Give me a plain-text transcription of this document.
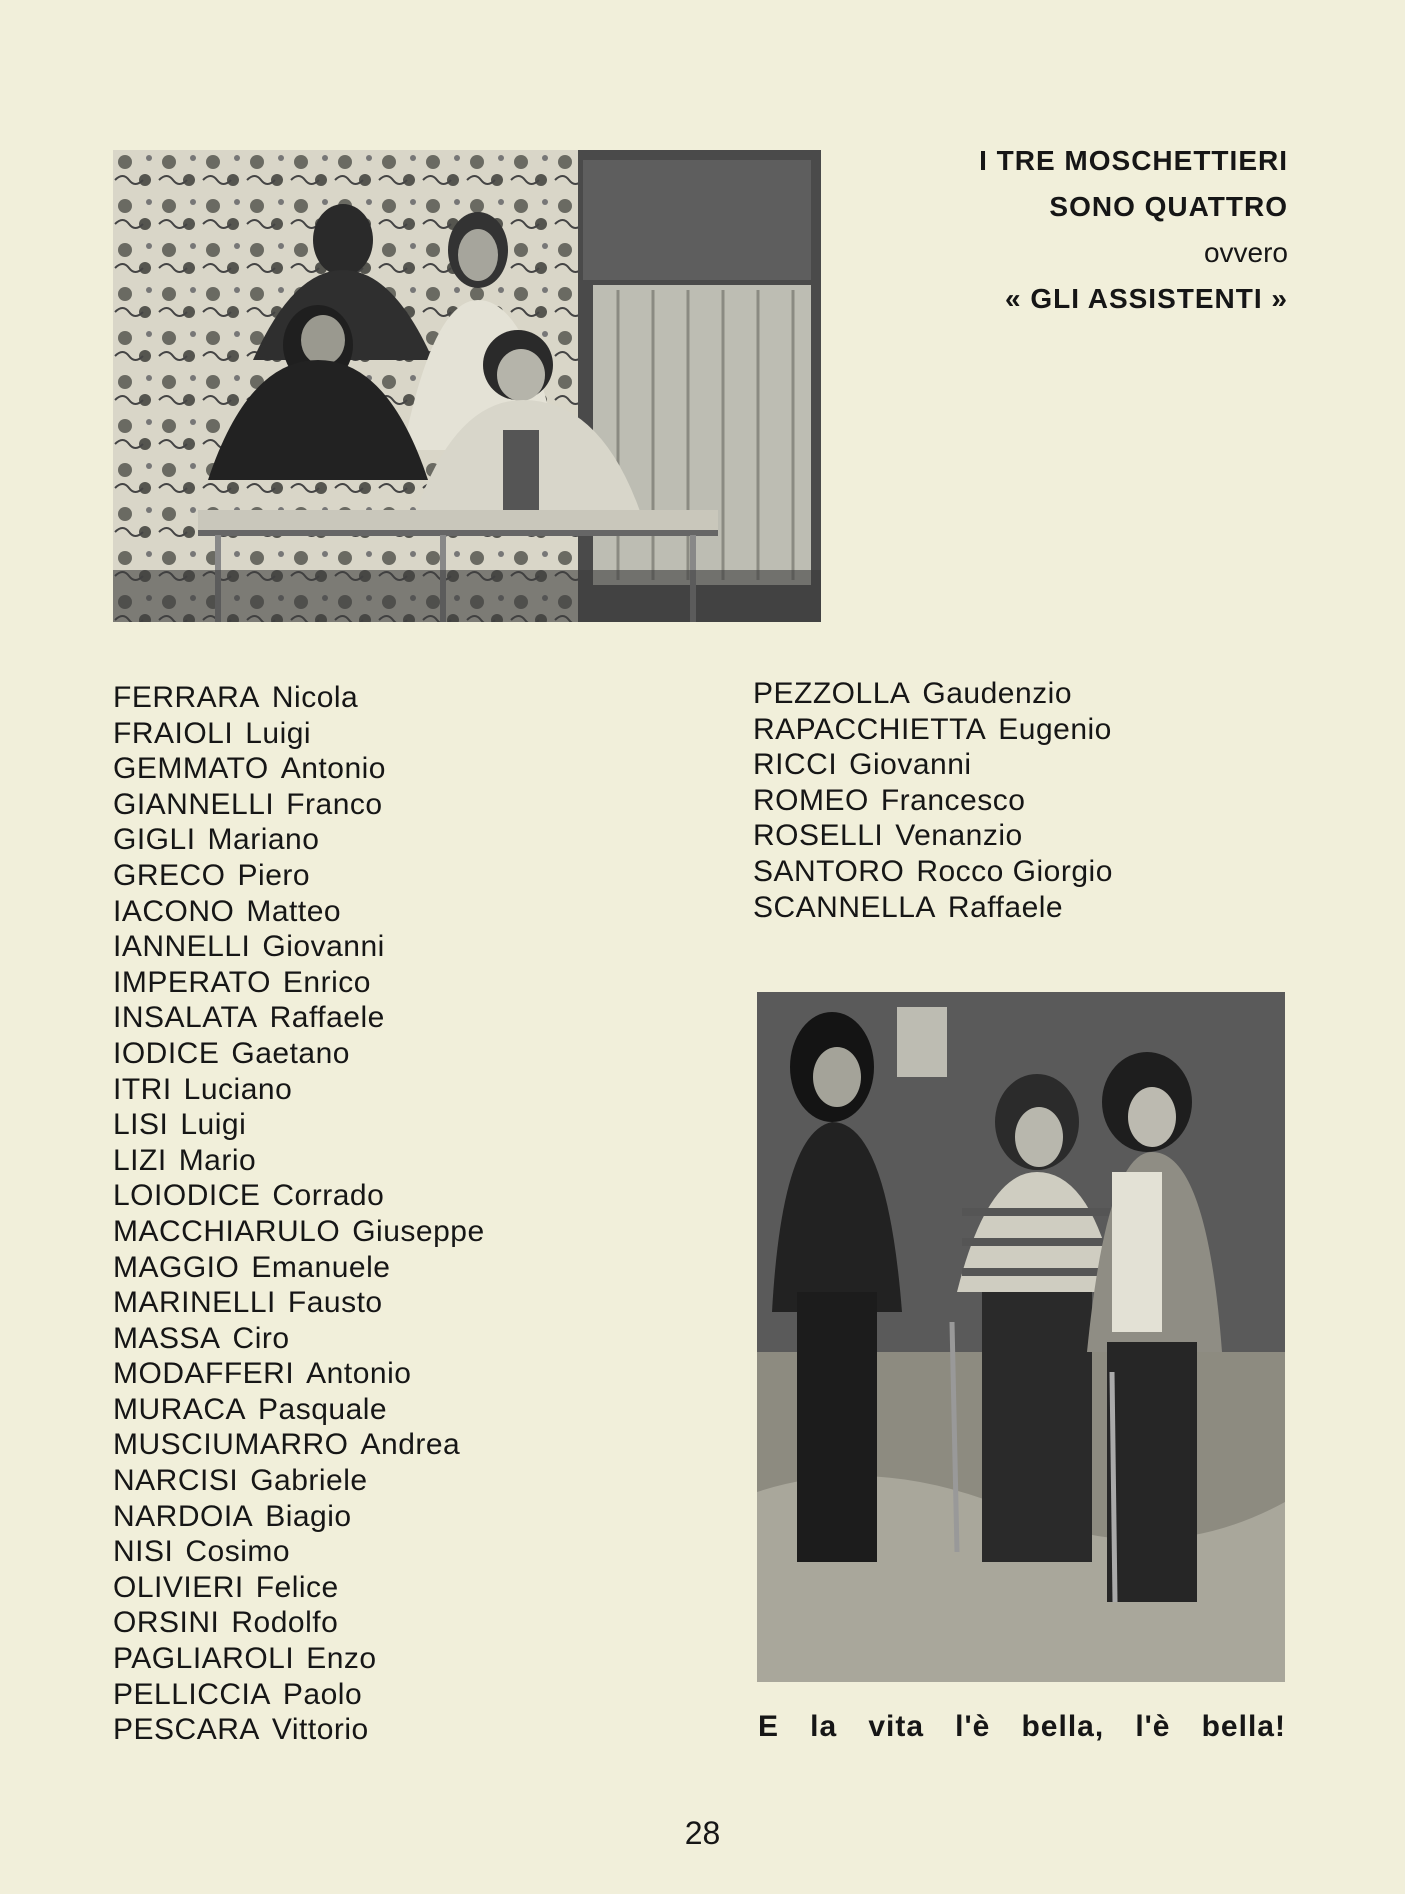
I TRE MOSCHETTIERI
SONO QUATTRO
ovvero
« GLI ASSISTENTI »
FERRARA Nicola
FRAIOLI Luigi
GEMMATO Antonio
GIANNELLI Franco
GIGLI Mariano
GRECO Piero
IACONO Matteo
IANNELLI Giovanni
IMPERATO Enrico
INSALATA Raffaele
IODICE Gaetano
ITRI Luciano
LISI Luigi
LIZI Mario
LOIODICE Corrado
MACCHIARULO Giuseppe
MAGGIO Emanuele
MARINELLI Fausto
MASSA Ciro
MODAFFERI Antonio
MURACA Pasquale
MUSCIUMARRO Andrea
NARCISI Gabriele
NARDOIA Biagio
NISI Cosimo
OLIVIERI Felice
ORSINI Rodolfo
PAGLIAROLI Enzo
PELLICCIA Paolo
PESCARA Vittorio
PEZZOLLA Gaudenzio
RAPACCHIETTA Eugenio
RICCI Giovanni
ROMEO Francesco
ROSELLI Venanzio
SANTORO Rocco Giorgio
SCANNELLA Raffaele
E la vita l'è bella, l'è bella!
28
